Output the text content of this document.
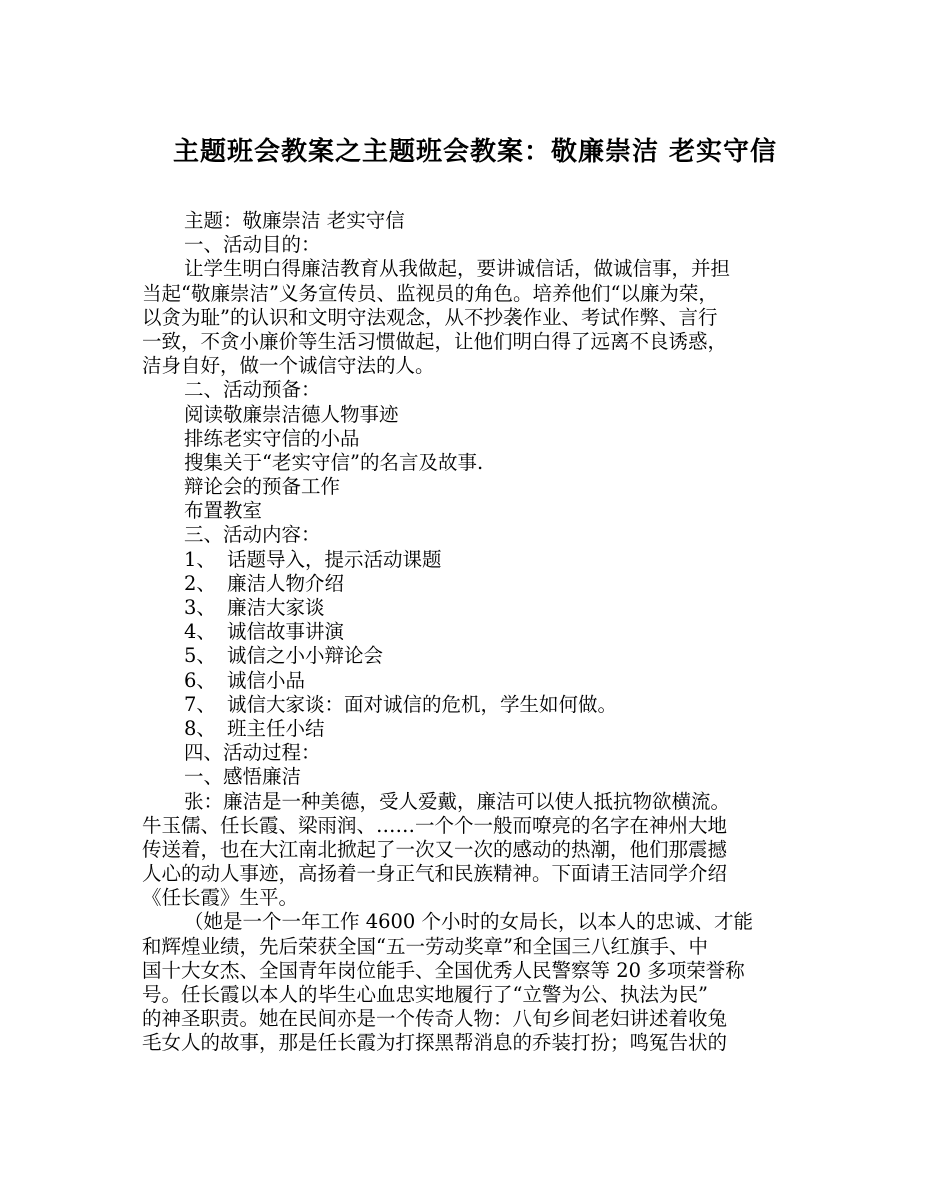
主题班会教案之主题班会教案：敬廉崇洁 老实守信
主题：敬廉崇洁 老实守信
一、活动目的：
让学生明白得廉洁教育从我做起，要讲诚信话，做诚信事，并担
当起“敬廉崇洁”义务宣传员、监视员的角色。培养他们“以廉为荣，
以贪为耻”的认识和文明守法观念，从不抄袭作业、考试作弊、言行
一致，不贪小廉价等生活习惯做起，让他们明白得了远离不良诱惑，
洁身自好，做一个诚信守法的人。
二、活动预备：
阅读敬廉崇洁德人物事迹
排练老实守信的小品
搜集关于“老实守信”的名言及故事.
辩论会的预备工作
布置教室
三、活动内容：
1、 话题导入，提示活动课题
2、 廉洁人物介绍
3、 廉洁大家谈
4、 诚信故事讲演
5、 诚信之小小辩论会
6、 诚信小品
7、 诚信大家谈：面对诚信的危机，学生如何做。
8、 班主任小结
四、活动过程：
一、感悟廉洁
张：廉洁是一种美德，受人爱戴，廉洁可以使人抵抗物欲横流。
牛玉儒、任长霞、梁雨润、……一个个一般而嘹亮的名字在神州大地
传送着，也在大江南北掀起了一次又一次的感动的热潮，他们那震撼
人心的动人事迹，高扬着一身正气和民族精神。下面请王洁同学介绍
《任长霞》生平。
（她是一个一年工作 4600 个小时的女局长，以本人的忠诚、才能
和辉煌业绩，先后荣获全国“五一劳动奖章”和全国三八红旗手、中
国十大女杰、全国青年岗位能手、全国优秀人民警察等 20 多项荣誉称
号。任长霞以本人的毕生心血忠实地履行了“立警为公、执法为民”
的神圣职责。她在民间亦是一个传奇人物：八旬乡间老妇讲述着收兔
毛女人的故事，那是任长霞为打探黑帮消息的乔装打扮；鸣冤告状的
